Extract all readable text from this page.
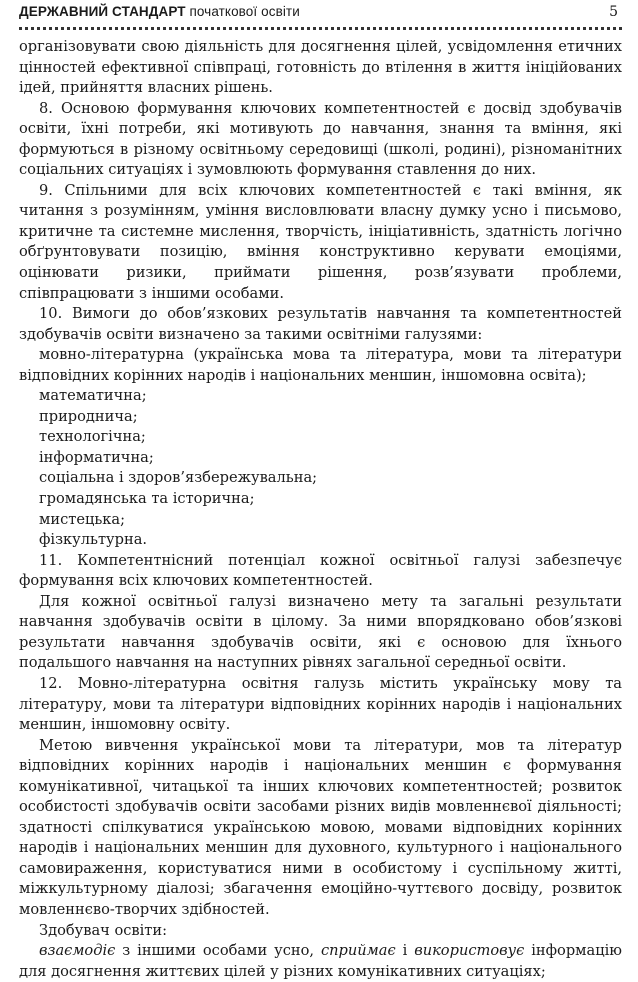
ДЕРЖАВНИЙ СТАНДАРТ початкової освіти	5

організовувати свою діяльність для досягнення цілей, усвідомлення етичних цінностей ефективної співпраці, готовність до втілення в життя ініційованих ідей, прийняття власних рішень.

8. Основою формування ключових компетентностей є досвід здобувачів освіти, їхні потреби, які мотивують до навчання, знання та вміння, які формуються в різному освітньому середовищі (школі, родині), різноманітних соціальних ситуаціях і зумовлюють формування ставлення до них.

9. Спільними для всіх ключових компетентностей є такі вміння, як читання з розумінням, уміння висловлювати власну думку усно і письмово, критичне та системне мислення, творчість, ініціативність, здатність логічно обґрунтовувати позицію, вміння конструктивно керувати емоціями, оцінювати ризики, приймати рішення, розв’язувати проблеми, співпрацювати з іншими особами.

10. Вимоги до обов’язкових результатів навчання та компетентностей здобувачів освіти визначено за такими освітніми галузями:

мовно-літературна (українська мова та література, мови та літератури відповідних корінних народів і національних меншин, іншомовна освіта);

математична;

природнича;

технологічна;

інформатична;

соціальна і здоров’язбережувальна;

громадянська та історична;

мистецька;

фізкультурна.

11. Компетентнісний потенціал кожної освітньої галузі забезпечує формування всіх ключових компетентностей.

Для кожної освітньої галузі визначено мету та загальні результати навчання здобувачів освіти в цілому. За ними впорядковано обов’язкові результати навчання здобувачів освіти, які є основою для їхнього подальшого навчання на наступних рівнях загальної середньої освіти.

12. Мовно-літературна освітня галузь містить українську мову та літературу, мови та літератури відповідних корінних народів і національних меншин, іншомовну освіту.

Метою вивчення української мови та літератури, мов та літератур відповідних корінних народів і національних меншин є формування комунікативної, читацької та інших ключових компетентностей; розвиток особистості здобувачів освіти засобами різних видів мовленнєвої діяльності; здатності спілкуватися українською мовою, мовами відповідних корінних народів і національних меншин для духовного, культурного і національного самовираження, користуватися ними в особистому і суспільному житті, міжкультурному діалозі; збагачення емоційно-чуттєвого досвіду, розвиток мовленнєво-творчих здібностей.

Здобувач освіти:

взаємодіє з іншими особами усно, сприймає і використовує інформацію для досягнення життєвих цілей у різних комунікативних ситуаціях;
